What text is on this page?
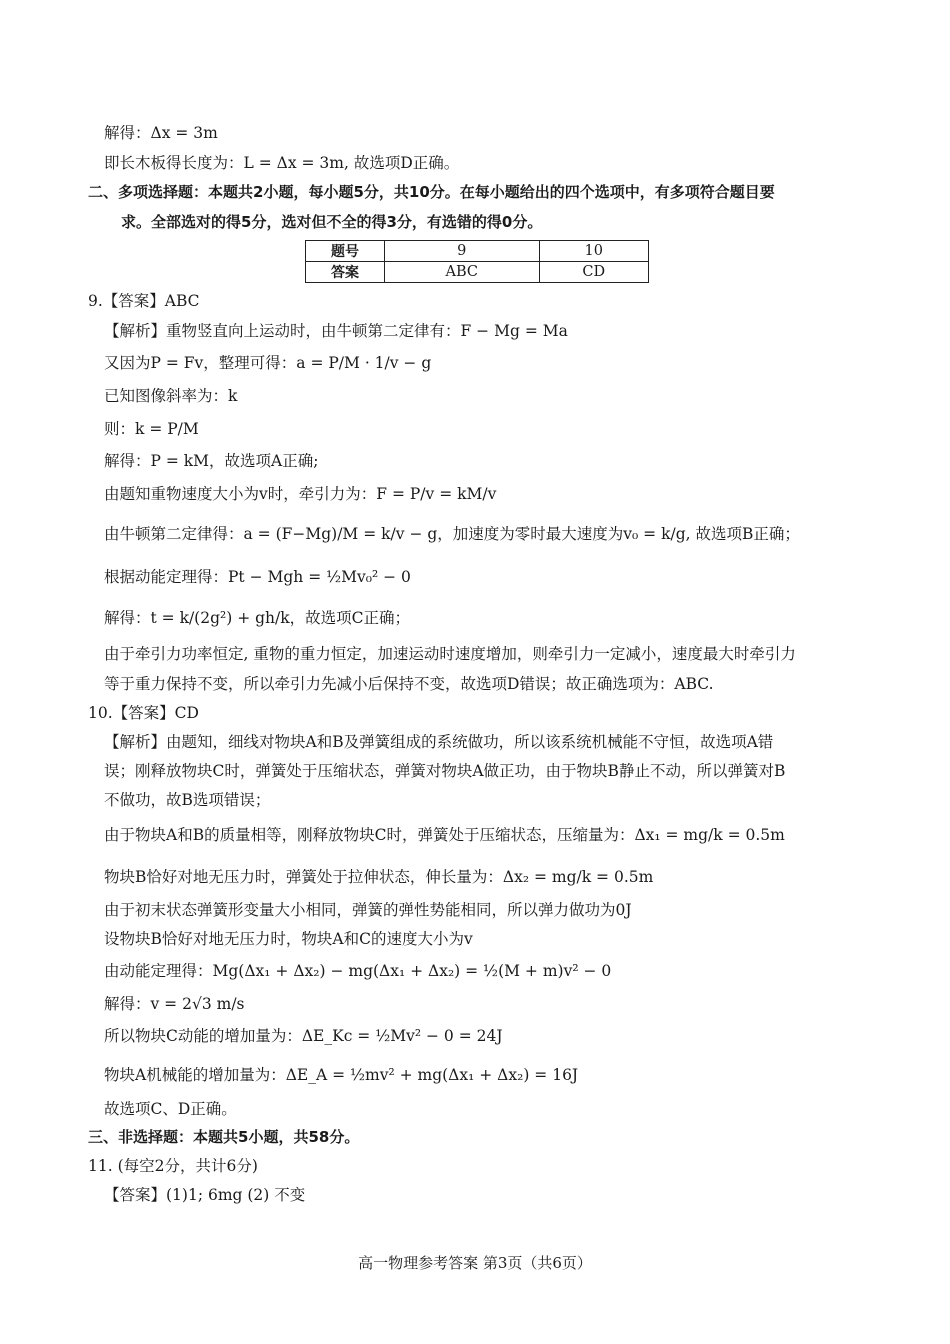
解得：Δx = 3m
即长木板得长度为：L = Δx = 3m, 故选项D正确。
二、多项选择题：本题共2小题，每小题5分，共10分。在每小题给出的四个选项中，有多项符合题目要
求。全部选对的得5分，选对但不全的得3分，有选错的得0分。
9.【答案】ABC
【解析】重物竖直向上运动时，由牛顿第二定律有：F − Mg = Ma
又因为P = Fv，整理可得：a = P/M · 1/v − g
已知图像斜率为：k
则：k = P/M
解得：P = kM，故选项A正确;
由题知重物速度大小为v时，牵引力为：F = P/v = kM/v
由牛顿第二定律得：a = (F−Mg)/M = k/v − g，加速度为零时最大速度为v₀ = k/g, 故选项B正确；
根据动能定理得：Pt − Mgh = ½Mv₀² − 0
解得：t = k/(2g²) + gh/k，故选项C正确；
由于牵引力功率恒定, 重物的重力恒定，加速运动时速度增加，则牵引力一定减小，速度最大时牵引力
等于重力保持不变，所以牵引力先减小后保持不变，故选项D错误；故正确选项为：ABC.
10.【答案】CD
【解析】由题知，细线对物块A和B及弹簧组成的系统做功，所以该系统机械能不守恒，故选项A错
误；刚释放物块C时，弹簧处于压缩状态，弹簧对物块A做正功，由于物块B静止不动，所以弹簧对B
不做功，故B选项错误；
由于物块A和B的质量相等，刚释放物块C时，弹簧处于压缩状态，压缩量为：Δx₁ = mg/k = 0.5m
物块B恰好对地无压力时，弹簧处于拉伸状态，伸长量为：Δx₂ = mg/k = 0.5m
由于初末状态弹簧形变量大小相同，弹簧的弹性势能相同，所以弹力做功为0J
设物块B恰好对地无压力时，物块A和C的速度大小为v
由动能定理得：Mg(Δx₁ + Δx₂) − mg(Δx₁ + Δx₂) = ½(M + m)v² − 0
解得：v = 2√3 m/s
所以物块C动能的增加量为：ΔE_Kc = ½Mv² − 0 = 24J
物块A机械能的增加量为：ΔE_A = ½mv² + mg(Δx₁ + Δx₂) = 16J
故选项C、D正确。
三、非选择题：本题共5小题，共58分。
11. (每空2分，共计6分)
【答案】(1)1; 6mg (2) 不变
题号	9	10
答案	ABC	CD
高一物理参考答案 第3页（共6页）
